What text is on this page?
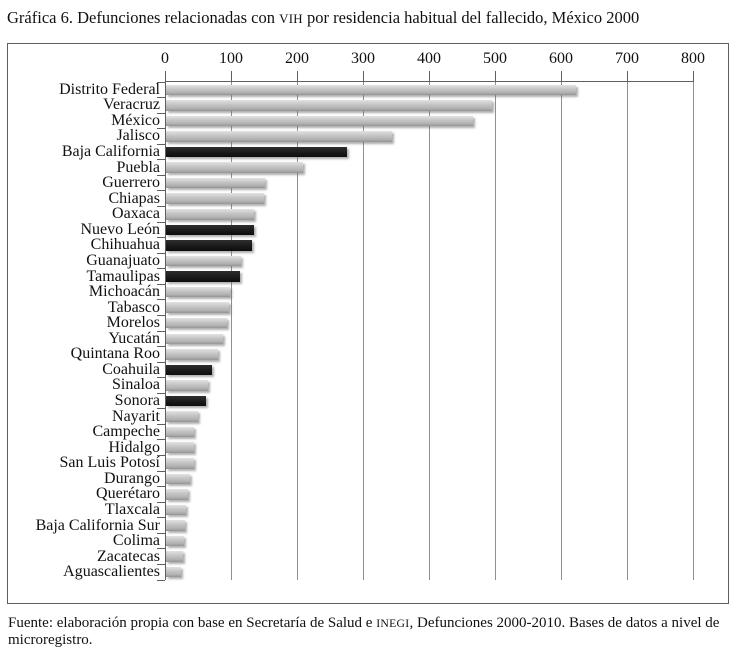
Gráfica 6. Defunciones relacionadas con VIH por residencia habitual del fallecido, México 2000
0	100	200	300	400	500	600	700	800
Distrito Federal
Veracruz
México
Jalisco
Baja California
Puebla
Guerrero
Chiapas
Oaxaca
Nuevo León
Chihuahua
Guanajuato
Tamaulipas
Michoacán
Tabasco
Morelos
Yucatán
Quintana Roo
Coahuila
Sinaloa
Sonora
Nayarit
Campeche
Hidalgo
San Luis Potosí
Durango
Querétaro
Tlaxcala
Baja California Sur
Colima
Zacatecas
Aguascalientes
Fuente: elaboración propia con base en Secretaría de Salud e INEGI, Defunciones 2000-2010. Bases de datos a nivel de microregistro.
